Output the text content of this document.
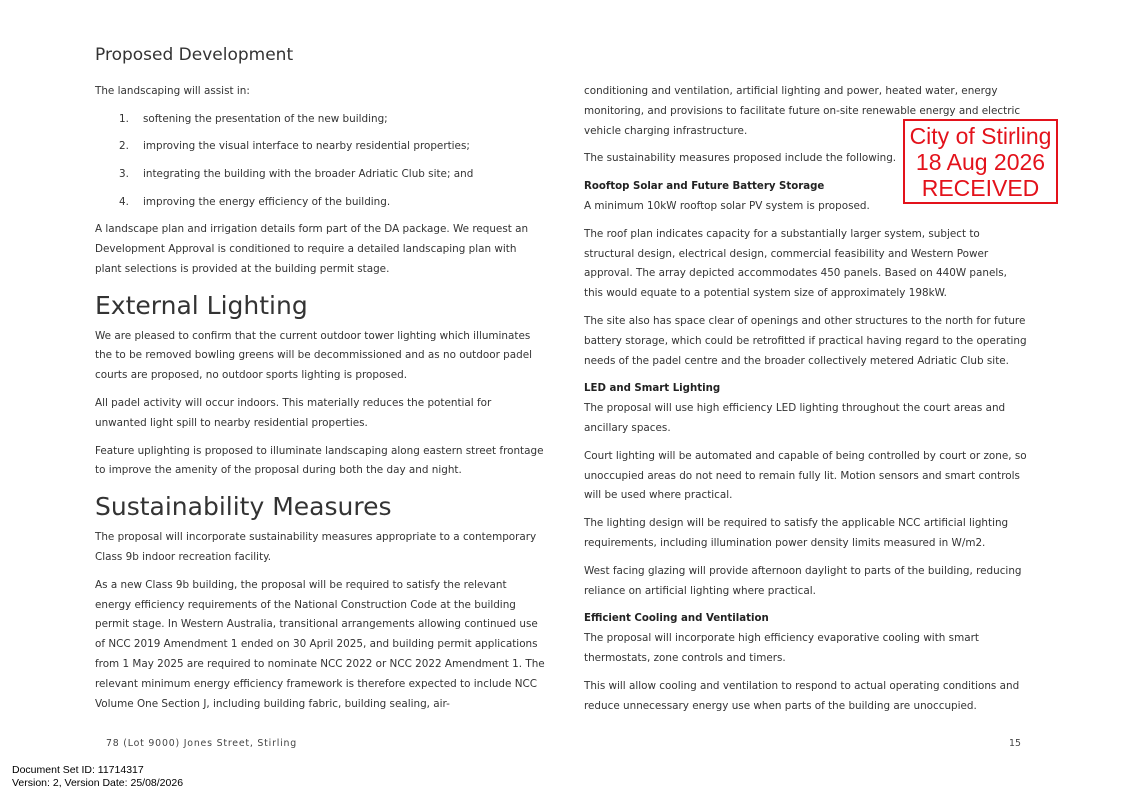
Proposed Development

The landscaping will assist in:

1.	softening the presentation of the new building;
2.	improving the visual interface to nearby residential properties;
3.	integrating the building with the broader Adriatic Club site; and
4.	improving the energy efficiency of the building.

A landscape plan and irrigation details form part of the DA package. We request an Development Approval is conditioned to require a detailed landscaping plan with plant selections is provided at the building permit stage.

External Lighting

We are pleased to confirm that the current outdoor tower lighting which illuminates the to be removed bowling greens will be decommissioned and as no outdoor padel courts are proposed, no outdoor sports lighting is proposed.

All padel activity will occur indoors. This materially reduces the potential for unwanted light spill to nearby residential properties.

Feature uplighting is proposed to illuminate landscaping along eastern street frontage to improve the amenity of the proposal during both the day and night.

Sustainability Measures

The proposal will incorporate sustainability measures appropriate to a contemporary Class 9b indoor recreation facility.

As a new Class 9b building, the proposal will be required to satisfy the relevant energy efficiency requirements of the National Construction Code at the building permit stage. In Western Australia, transitional arrangements allowing continued use of NCC 2019 Amendment 1 ended on 30 April 2025, and building permit applications from 1 May 2025 are required to nominate NCC 2022 or NCC 2022 Amendment 1. The relevant minimum energy efficiency framework is therefore expected to include NCC Volume One Section J, including building fabric, building sealing, air-

conditioning and ventilation, artificial lighting and power, heated water, energy monitoring, and provisions to facilitate future on-site renewable energy and electric vehicle charging infrastructure.

The sustainability measures proposed include the following.

Rooftop Solar and Future Battery Storage

A minimum 10kW rooftop solar PV system is proposed.

The roof plan indicates capacity for a substantially larger system, subject to structural design, electrical design, commercial feasibility and Western Power approval. The array depicted accommodates 450 panels. Based on 440W panels, this would equate to a potential system size of approximately 198kW.

The site also has space clear of openings and other structures to the north for future battery storage, which could be retrofitted if practical having regard to the operating needs of the padel centre and the broader collectively metered Adriatic Club site.

LED and Smart Lighting

The proposal will use high efficiency LED lighting throughout the court areas and ancillary spaces.

Court lighting will be automated and capable of being controlled by court or zone, so unoccupied areas do not need to remain fully lit. Motion sensors and smart controls will be used where practical.

The lighting design will be required to satisfy the applicable NCC artificial lighting requirements, including illumination power density limits measured in W/m2.

West facing glazing will provide afternoon daylight to parts of the building, reducing reliance on artificial lighting where practical.

Efficient Cooling and Ventilation

The proposal will incorporate high efficiency evaporative cooling with smart thermostats, zone controls and timers.

This will allow cooling and ventilation to respond to actual operating conditions and reduce unnecessary energy use when parts of the building are unoccupied.

City of Stirling
18 Aug 2026
RECEIVED
78 (Lot 9000) Jones Street, Stirling	15
Document Set ID: 11714317
Version: 2, Version Date: 25/08/2026
